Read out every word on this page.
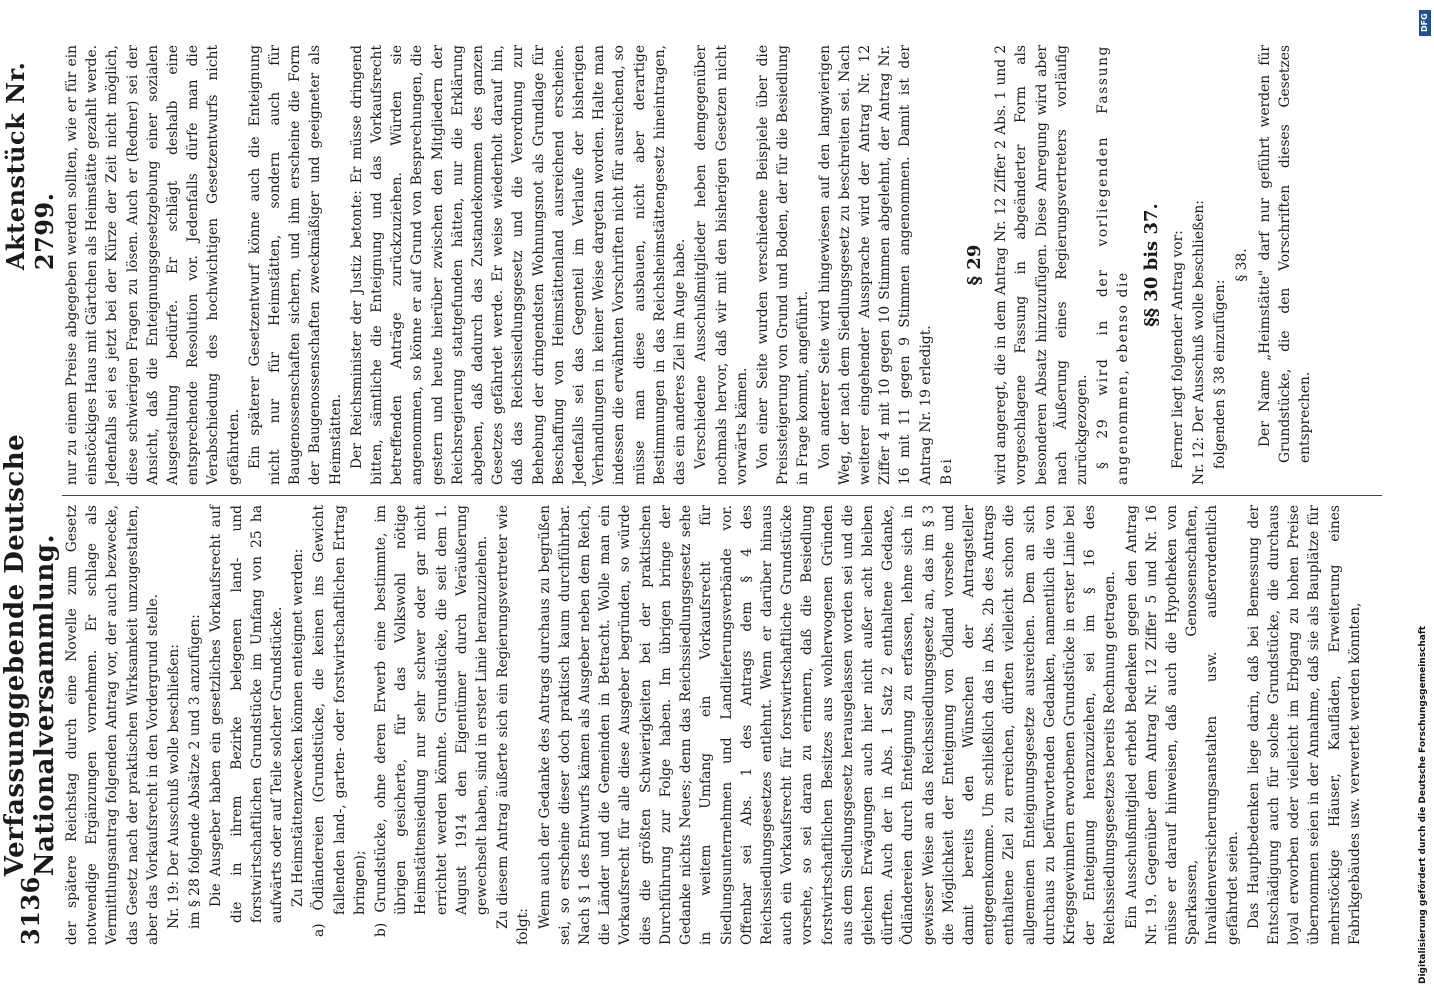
3136
Verfassunggebende Deutsche Nationalversammlung.
Aktenstück Nr. 2799.

der spätere Reichstag durch eine Novelle zum Gesetz notwendige Ergänzungen vornehmen. Er schlage als Vermittlungsantrag folgenden Antrag vor, der auch bezwecke, das Gesetz nach der praktischen Wirksamkeit umzugestalten, aber das Vorkaufsrecht in den Vordergrund stelle. Nr. 19: Der Ausschuß wolle beschließen: im § 28 folgende Absätze 2 und 3 anzufügen: Die Ausgeber haben ein gesetzliches Vorkaufsrecht auf die in ihrem Bezirke belegenen land- und forstwirtschaftlichen Grundstücke im Umfang von 25 ha aufwärts oder auf Teile solcher Grundstücke. Zu Heimstättenzwecken können enteignet werden: a) Ödländereien (Grundstücke, die keinen ins Gewicht fallenden land-, garten- oder forstwirtschaftlichen Ertrag bringen); b) Grundstücke, ohne deren Erwerb eine bestimmte, im übrigen gesicherte, für das Volkswohl nötige Heimstättensiedlung nur sehr schwer oder gar nicht errichtet werden könnte. Grundstücke, die seit dem 1. August 1914 den Eigentümer durch Veräußerung gewechselt haben, sind in erster Linie heranzuziehen. Zu diesem Antrag äußerte sich ein Regierungsvertreter wie folgt: Wenn auch der Gedanke des Antrags durchaus zu begrüßen sei, so erscheine dieser doch praktisch kaum durchführbar. Nach § 1 des Entwurfs kämen als Ausgeber neben dem Reich, die Länder und die Gemeinden in Betracht. Wolle man ein Vorkaufsrecht für alle diese Ausgeber begründen, so würde dies die größten Schwierigkeiten bei der praktischen Durchführung zur Folge haben. Im übrigen bringe der Gedanke nichts Neues; denn das Reichssiedlungsgesetz sehe in weitem Umfang ein Vorkaufsrecht für Siedlungsunternehmen und Landlieferungsverbände vor. Offenbar sei Abs. 1 des Antrags dem § 4 des Reichssiedlungsgesetzes entlehnt. Wenn er darüber hinaus auch ein Vorkaufsrecht für forstwirtschaftliche Grundstücke vorsehe, so sei daran zu erinnern, daß die Besiedlung forstwirtschaftlichen Besitzes aus wohlerwogenen Gründen aus dem Siedlungsgesetz herausgelassen worden sei und die gleichen Erwägungen auch hier nicht außer acht bleiben dürften. Auch der in Abs. 1 Satz 2 enthaltene Gedanke, Ödländereien durch Enteignung zu erfassen, lehne sich in gewisser Weise an das Reichssiedlungsgesetz an, das im § 3 die Möglichkeit der Enteignung von Ödland vorsehe und damit bereits den Wünschen der Antragsteller entgegenkomme. Um schließlich das in Abs. 2b des Antrags enthaltene Ziel zu erreichen, dürften vielleicht schon die allgemeinen Enteignungsgesetze ausreichen. Dem an sich durchaus zu befürwortenden Gedanken, namentlich die von Kriegsgewinnlern erworbenen Grundstücke in erster Linie bei der Enteignung heranzuziehen, sei im § 16 des Reichssiedlungsgesetzes bereits Rechnung getragen. Ein Ausschußmitglied erhebt Bedenken gegen den Antrag Nr. 19. Gegenüber dem Antrag Nr. 12 Ziffer 5 und Nr. 16 müsse er darauf hinweisen, daß auch die Hypotheken von Sparkassen, Genossenschaften, Invalidenversicherungsanstalten usw. außerordentlich gefährdet seien. Das Hauptbedenken liege darin, daß bei Bemessung der Entschädigung auch für solche Grundstücke, die durchaus loyal erworben oder vielleicht im Erbgang zu hohen Preise übernommen seien in der Annahme, daß sie als Bauplätze für mehrstöckige Häuser, Kaufläden, Erweiterung eines Fabrikgebäudes usw. verwertet werden könnten,

nur zu einem Preise abgegeben werden sollten, wie er für ein einstöckiges Haus mit Gärtchen als Heimstätte gezahlt werde. Jedenfalls sei es jetzt bei der Kürze der Zeit nicht möglich, diese schwierigen Fragen zu lösen. Auch er (Redner) sei der Ansicht, daß die Enteignungsgesetzgebung einer sozialen Ausgestaltung bedürfe. Er schlägt deshalb eine entsprechende Resolution vor. Jedenfalls dürfe man die Verabschiedung des hochwichtigen Gesetzentwurfs nicht gefährden. Ein späterer Gesetzentwurf könne auch die Enteignung nicht nur für Heimstätten, sondern auch für Baugenossenschaften sichern, und ihm erscheine die Form der Baugenossenschaften zweckmäßiger und geeigneter als Heimstätten. Der Reichsminister der Justiz betonte: Er müsse dringend bitten, sämtliche die Enteignung und das Vorkaufsrecht betreffenden Anträge zurückzuziehen. Würden sie angenommen, so könne er auf Grund von Besprechungen, die gestern und heute hierüber zwischen den Mitgliedern der Reichsregierung stattgefunden hätten, nur die Erklärung abgeben, daß dadurch das Zustandekommen des ganzen Gesetzes gefährdet werde. Er weise wiederholt darauf hin, daß das Reichssiedlungsgesetz und die Verordnung zur Behebung der dringendsten Wohnungsnot als Grundlage für Beschaffung von Heimstättenland ausreichend erscheine. Jedenfalls sei das Gegenteil im Verlaufe der bisherigen Verhandlungen in keiner Weise dargetan worden. Halte man indessen die erwähnten Vorschriften nicht für ausreichend, so müsse man diese ausbauen, nicht aber derartige Bestimmungen in das Reichsheimstättengesetz hineintragen, das ein anderes Ziel im Auge habe. Verschiedene Ausschußmitglieder heben demgegenüber nochmals hervor, daß wir mit den bisherigen Gesetzen nicht vorwärts kämen. Von einer Seite wurden verschiedene Beispiele über die Preissteigerung von Grund und Boden, der für die Besiedlung in Frage kommt, angeführt. Von anderer Seite wird hingewiesen auf den langwierigen Weg, der nach dem Siedlungsgesetz zu beschreiten sei. Nach weiterer eingehender Aussprache wird der Antrag Nr. 12 Ziffer 4 mit 10 gegen 10 Stimmen abgelehnt, der Antrag Nr. 16 mit 11 gegen 9 Stimmen angenommen. Damit ist der Antrag Nr. 19 erledigt. Bei

§ 29 wird angeregt, die in dem Antrag Nr. 12 Ziffer 2 Abs. 1 und 2 vorgeschlagene Fassung in abgeänderter Form als besonderen Absatz hinzuzufügen. Diese Anregung wird aber nach Äußerung eines Regierungsvertreters vorläufig zurückgezogen. § 29 wird in der vorliegenden Fassung angenommen, ebenso die

§§ 30 bis 37. Ferner liegt folgender Antrag vor: Nr. 12: Der Ausschuß wolle beschließen: folgenden § 38 einzufügen:

§ 38. Der Name „Heimstätte" darf nur geführt werden für Grundstücke, die den Vorschriften dieses Gesetzes entsprechen.

DFG
Digitalisierung gefördert durch die Deutsche Forschungsgemeinschaft
